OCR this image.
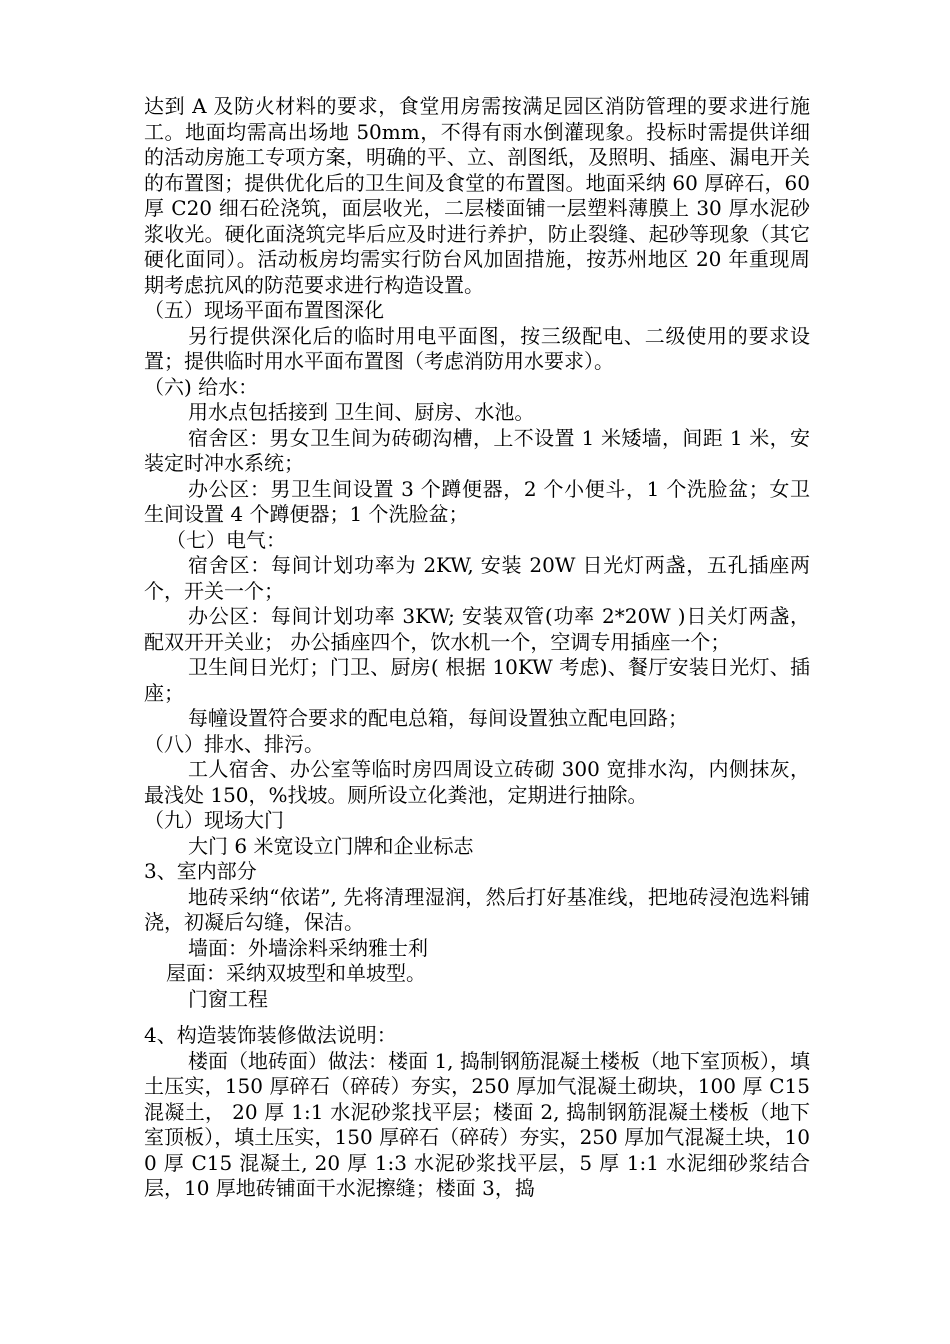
达到 A 及防火材料的要求，食堂用房需按满足园区消防管理的要求进行施工。地面均需高出场地 50mm，不得有雨水倒灌现象。投标时需提供详细的活动房施工专项方案，明确的平、立、剖图纸，及照明、插座、漏电开关的布置图；提供优化后的卫生间及食堂的布置图。地面采纳 60 厚碎石，60 厚 C20 细石砼浇筑，面层收光，二层楼面铺一层塑料薄膜上 30 厚水泥砂浆收光。硬化面浇筑完毕后应及时进行养护，防止裂缝、起砂等现象（其它硬化面同）。活动板房均需实行防台风加固措施，按苏州地区 20 年重现周期考虑抗风的防范要求进行构造设置。

（五）现场平面布置图深化

另行提供深化后的临时用电平面图，按三级配电、二级使用的要求设置；提供临时用水平面布置图（考虑消防用水要求）。

（六) 给水：

用水点包括接到 卫生间、厨房、水池。

宿舍区：男女卫生间为砖砌沟槽，上不设置 1 米矮墙，间距 1 米，安装定时冲水系统；

办公区：男卫生间设置 3 个蹲便器，2 个小便斗，1 个洗脸盆；女卫生间设置 4 个蹲便器；1 个洗脸盆；

（七）电气：

宿舍区：每间计划功率为 2KW, 安装 20W 日光灯两盏，五孔插座两个，开关一个；

办公区：每间计划功率 3KW; 安装双管(功率 2*20W )日关灯两盏，配双开开关业； 办公插座四个，饮水机一个，空调专用插座一个；

卫生间日光灯；门卫、厨房( 根据 10KW 考虑)、餐厅安装日光灯、插座；

每幢设置符合要求的配电总箱，每间设置独立配电回路；

（八）排水、排污。

工人宿舍、办公室等临时房四周设立砖砌 300 宽排水沟，内侧抹灰，最浅处 150，%找坡。厕所设立化粪池，定期进行抽除。

（九）现场大门

大门 6 米宽设立门牌和企业标志

3、室内部分

地砖采纳“依诺”, 先将清理湿润，然后打好基准线，把地砖浸泡选料铺浇，初凝后勾缝，保洁。

墙面：外墙涂料采纳雅士利

屋面：采纳双坡型和单坡型。

门窗工程

4、构造装饰装修做法说明：

楼面（地砖面）做法：楼面 1, 捣制钢筋混凝土楼板（地下室顶板），填土压实，150 厚碎石（碎砖）夯实，250 厚加气混凝土砌块，100 厚 C15 混凝土， 20 厚 1:1 水泥砂浆找平层；楼面 2, 捣制钢筋混凝土楼板（地下室顶板），填土压实，150 厚碎石（碎砖）夯实，250 厚加气混凝土块，100 厚 C15 混凝土, 20 厚 1:3 水泥砂浆找平层，5 厚 1:1 水泥细砂浆结合层，10 厚地砖铺面干水泥擦缝；楼面 3，捣
